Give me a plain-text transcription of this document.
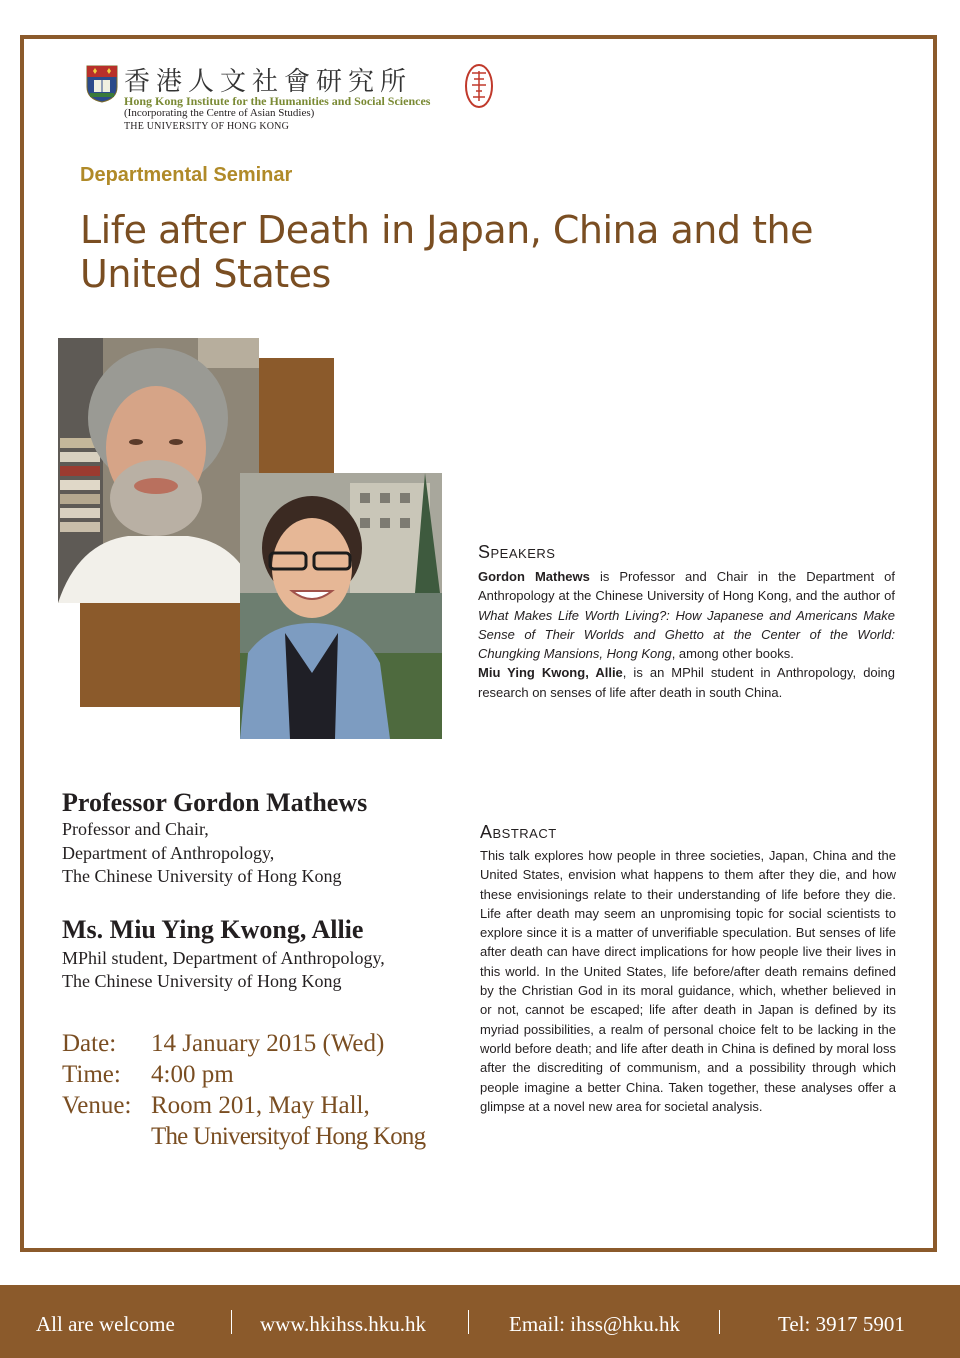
香港人文社會研究所
Hong Kong Institute for the Humanities and Social Sciences
(Incorporating the Centre of Asian Studies)
THE UNIVERSITY OF HONG KONG
Departmental Seminar
Life after Death in Japan, China and the United States
SPEAKERS

Gordon Mathews is Professor and Chair in the Department of Anthropology at the Chinese University of Hong Kong, and the author of What Makes Life Worth Living?: How Japanese and Americans Make Sense of Their Worlds and Ghetto at the Center of the World: Chungking Mansions, Hong Kong, among other books.

Miu Ying Kwong, Allie, is an MPhil student in Anthropology, doing research on senses of life after death in south China.

ABSTRACT
This talk explores how people in three societies, Japan, China and the United States, envision what happens to them after they die, and how these envisionings relate to their understanding of life before they die. Life after death may seem an unpromising topic for social scientists to explore since it is a matter of unverifiable speculation. But senses of life after death can have direct implications for how people live their lives in this world. In the United States, life before/after death remains defined by the Christian God in its moral guidance, which, whether believed in or not, cannot be escaped; life after death in Japan is defined by its myriad possibilities, a realm of personal choice felt to be lacking in the world before death; and life after death in China is defined by moral loss after the discrediting of communism, and a possibility through which people imagine a better China. Taken together, these analyses offer a glimpse at a novel new area for societal analysis.
Professor Gordon Mathews
Professor and Chair,
Department of Anthropology,
The Chinese University of Hong Kong
Ms. Miu Ying Kwong, Allie
MPhil student, Department of Anthropology,
The Chinese University of Hong Kong
Date: 14 January 2015 (Wed)
Time: 4:00 pm
Venue: Room 201, May Hall,
The Universityof Hong Kong
All are welcome	www.hkihss.hku.hk	Email: ihss@hku.hk	Tel: 3917 5901
